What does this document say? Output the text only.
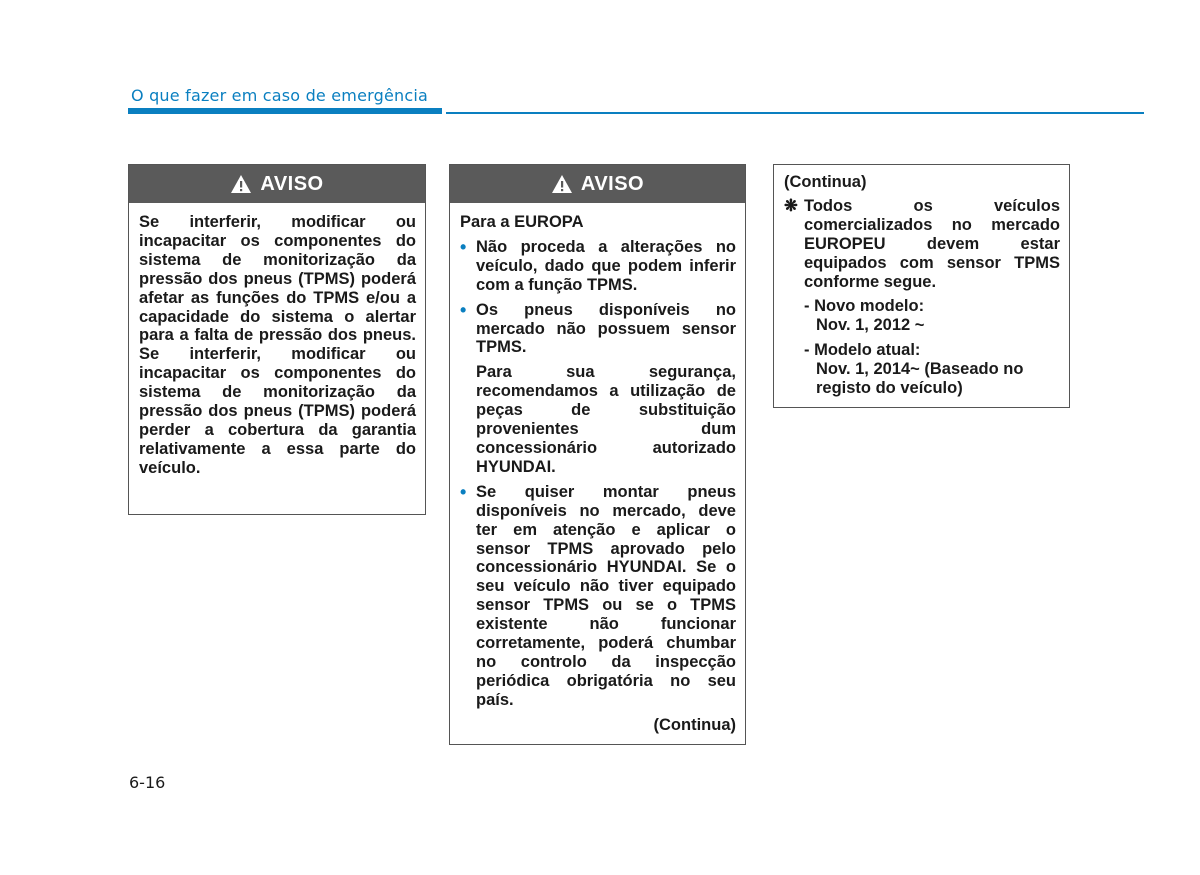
O que fazer em caso de emergência
AVISO

Se interferir, modificar ou incapacitar os componentes do sistema de monitorização da pressão dos pneus (TPMS) poderá afetar as funções do TPMS e/ou a capacidade do sistema o alertar para a falta de pressão dos pneus. Se interferir, modificar ou incapacitar os componentes do sistema de monitorização da pressão dos pneus (TPMS) poderá perder a cobertura da garantia relativamente a essa parte do veículo.

AVISO
Para a EUROPA
• Não proceda a alterações no veículo, dado que podem inferir com a função TPMS.

• Os pneus disponíveis no mercado não possuem sensor TPMS.

Para sua segurança, recomendamos a utilização de peças de substituição provenientes dum concessionário autorizado HYUNDAI.

• Se quiser montar pneus disponíveis no mercado, deve ter em atenção e aplicar o sensor TPMS aprovado pelo concessionário HYUNDAI. Se o seu veículo não tiver equipado sensor TPMS ou se o TPMS existente não funcionar corretamente, poderá chumbar no controlo da inspecção periódica obrigatória no seu país.

(Continua)
(Continua)
❋ Todos os veículos comercializados no mercado EUROPEU devem estar equipados com sensor TPMS conforme segue.

- Novo modelo:
Nov. 1, 2012 ~
- Modelo atual:
Nov. 1, 2014~ (Baseado no registo do veículo)
6-16
